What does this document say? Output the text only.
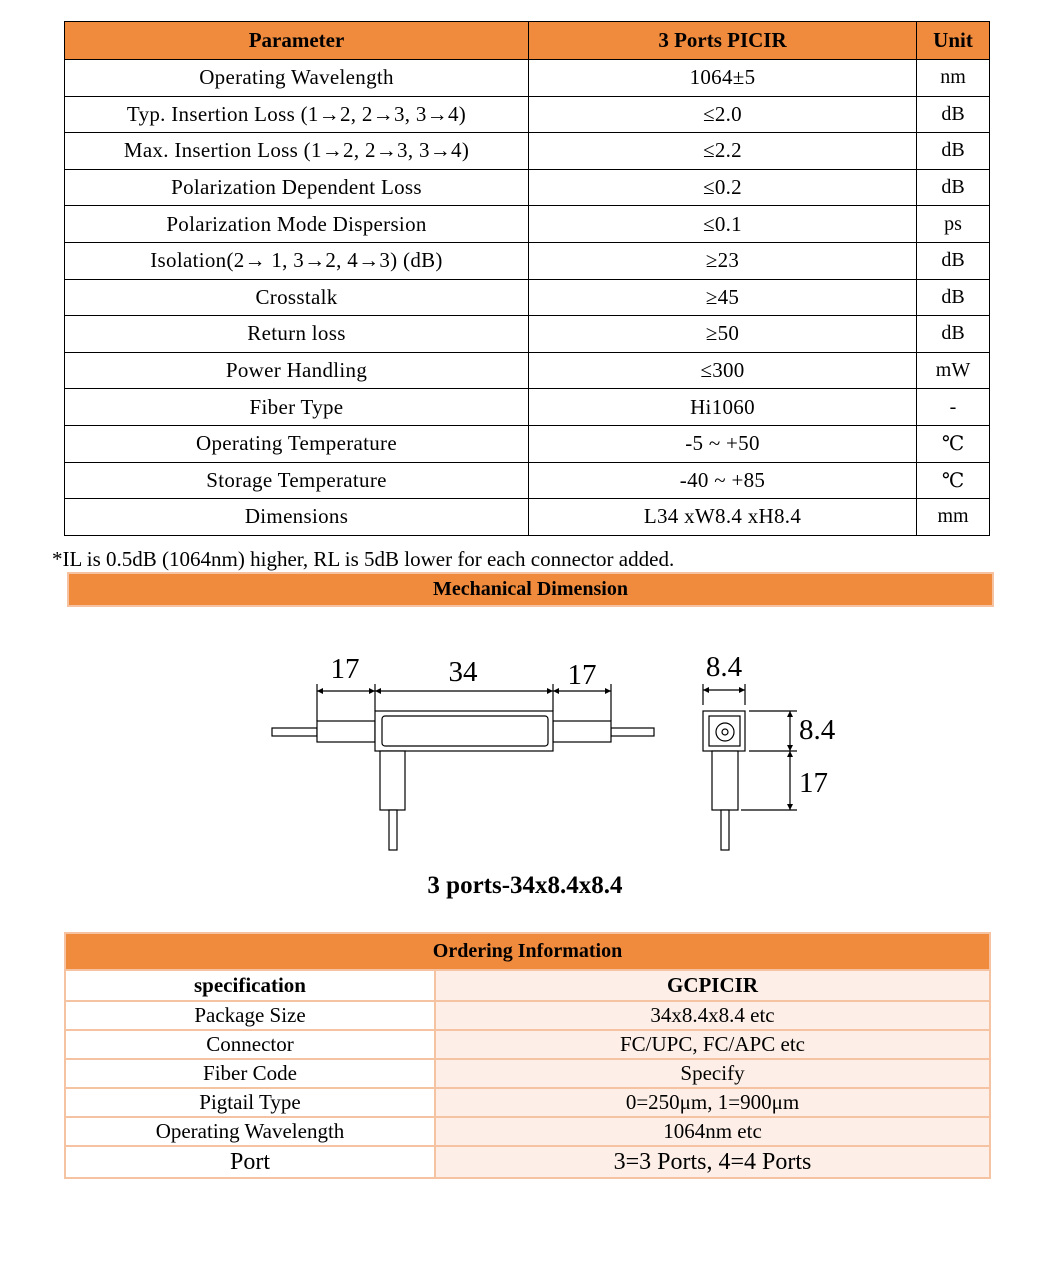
Parameter	3 Ports PICIR	Unit
Operating Wavelength	1064±5	nm
Typ. Insertion Loss (1→2, 2→3, 3→4)	≤2.0	dB
Max. Insertion Loss (1→2, 2→3, 3→4)	≤2.2	dB
Polarization Dependent Loss	≤0.2	dB
Polarization Mode Dispersion	≤0.1	ps
Isolation(2→ 1, 3→2, 4→3) (dB)	≥23	dB
Crosstalk	≥45	dB
Return loss	≥50	dB
Power Handling	≤300	mW
Fiber Type	Hi1060	-
Operating Temperature	-5 ~ +50	℃
Storage Temperature	-40 ~ +85	℃
Dimensions	L34 xW8.4 xH8.4	mm
*IL is 0.5dB (1064nm) higher, RL is 5dB lower for each connector added.
Mechanical Dimension
17	34	17	8.4
8.4
17
3 ports-34x8.4x8.4
Ordering Information	
specification	GCPICIR
Package Size	34x8.4x8.4 etc
Connector	FC/UPC, FC/APC etc
Fiber Code	Specify
Pigtail Type	0=250μm, 1=900μm
Operating Wavelength	1064nm etc
Port	3=3 Ports, 4=4 Ports
